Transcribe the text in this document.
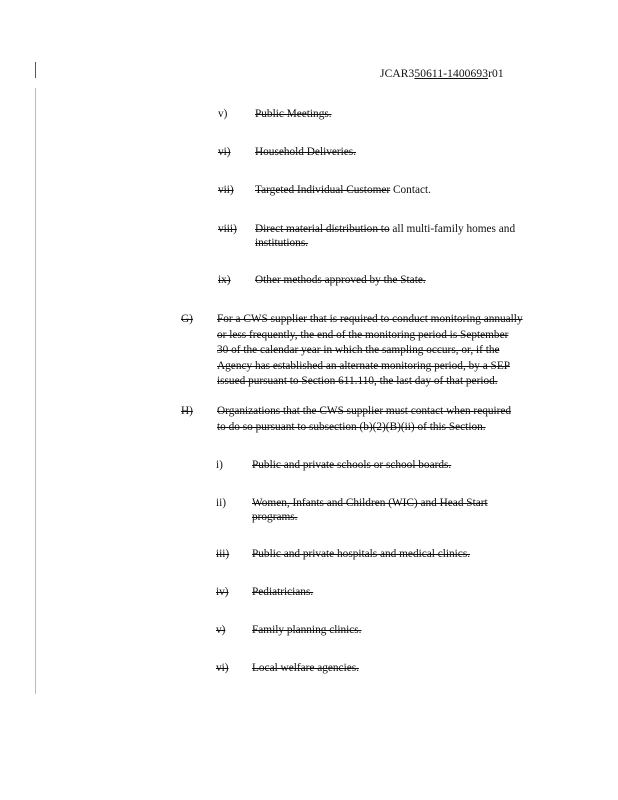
JCAR350611-1400693r01
v) Public Meetings.
vi) Household Deliveries.
vii) Targeted Individual Customer Contact.
viii) Direct material distribution to all multi-family homes and
institutions.
ix) Other methods approved by the State.
G) For a CWS supplier that is required to conduct monitoring annually
or less frequently, the end of the monitoring period is September
30 of the calendar year in which the sampling occurs, or, if the
Agency has established an alternate monitoring period, by a SEP
issued pursuant to Section 611.110, the last day of that period.
H) Organizations that the CWS supplier must contact when required
to do so pursuant to subsection (b)(2)(B)(ii) of this Section.
i)	Public and private schools or school boards.
ii) Women, Infants and Children (WIC) and Head Start
programs.
iii) Public and private hospitals and medical clinics.
iv) Pediatricians.
v) Family planning clinics.
vi) Local welfare agencies.
